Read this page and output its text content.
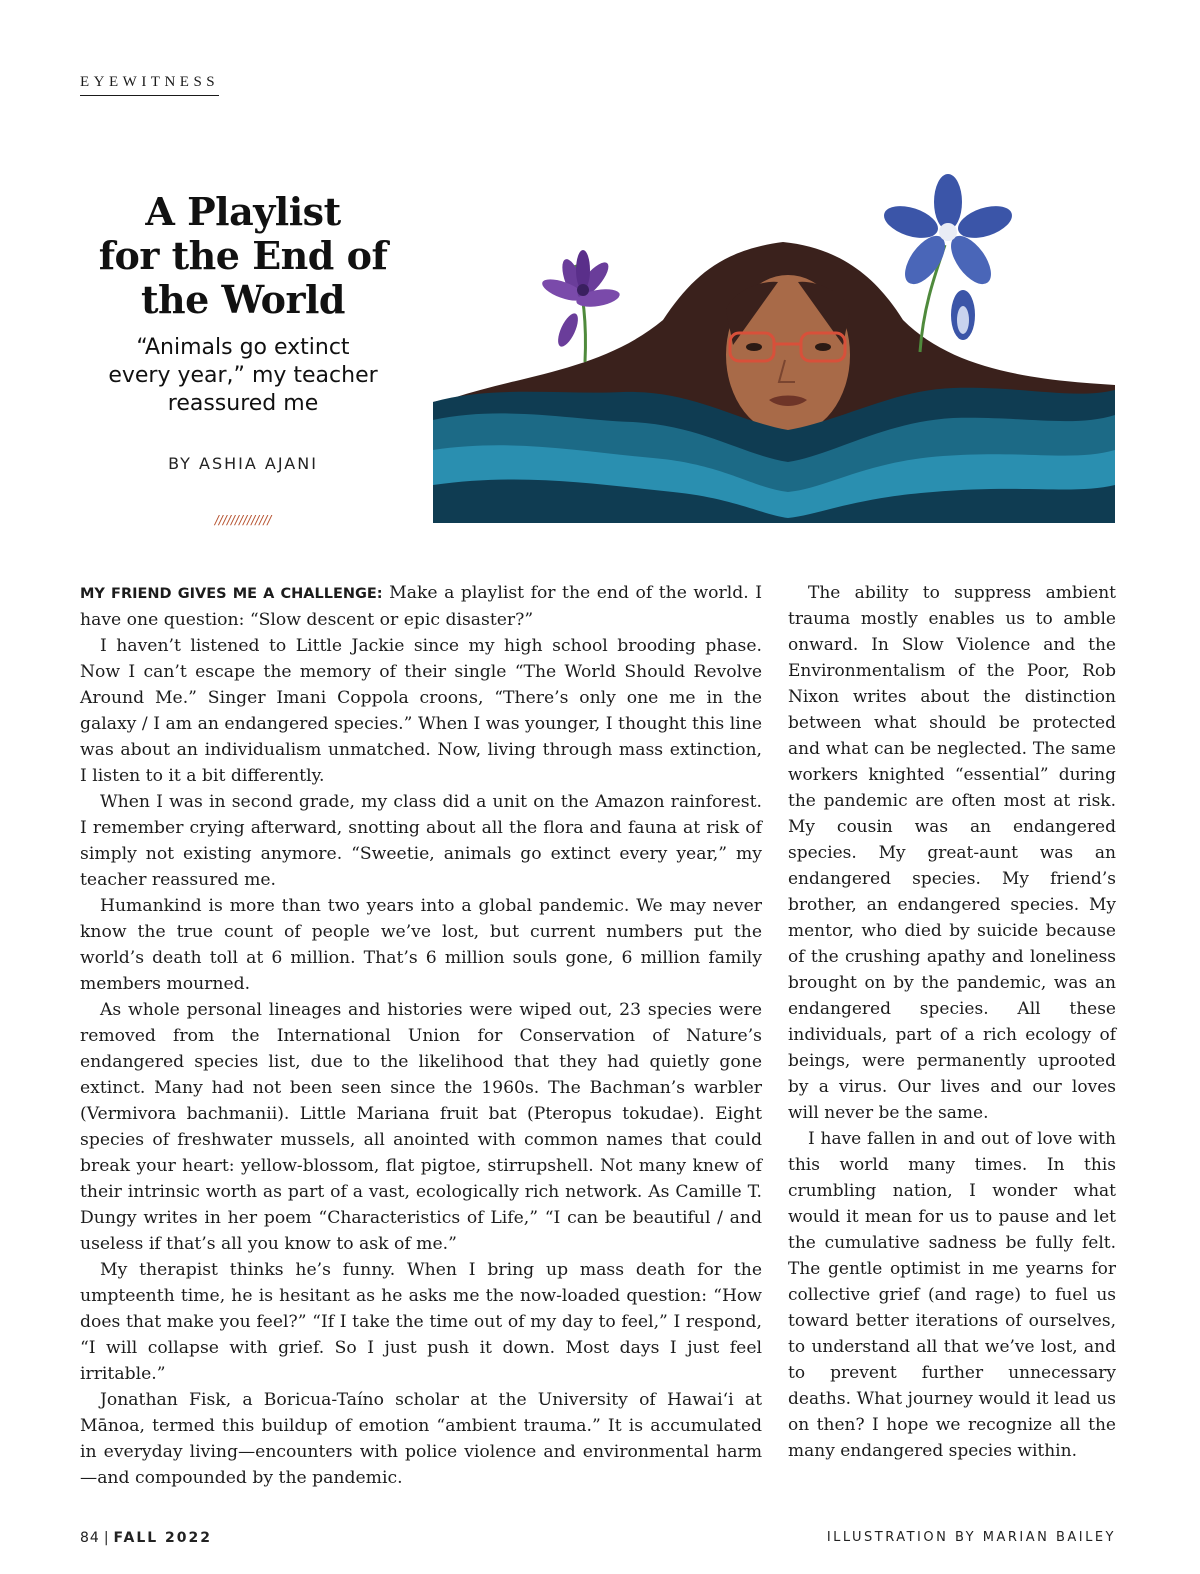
EYEWITNESS
A Playlist
for the End of
the World

“Animals go extinct
every year,” my teacher
reassured me

BY ASHIA AJANI
//////////////

MY FRIEND GIVES ME A CHALLENGE: Make a playlist for the end of the world. I have one question: “Slow descent or epic disaster?”

I haven’t listened to Little Jackie since my high school brooding phase. Now I can’t escape the memory of their single “The World Should Revolve Around Me.” Singer Imani Coppola croons, “There’s only one me in the galaxy / I am an endangered species.” When I was younger, I thought this line was about an individualism unmatched. Now, living through mass extinction, I listen to it a bit differently.

When I was in second grade, my class did a unit on the Amazon rainforest. I remember crying afterward, snotting about all the flora and fauna at risk of simply not existing anymore. “Sweetie, animals go extinct every year,” my teacher reassured me.

Humankind is more than two years into a global pandemic. We may never know the true count of people we’ve lost, but current numbers put the world’s death toll at 6 million. That’s 6 million souls gone, 6 million family members mourned.

As whole personal lineages and histories were wiped out, 23 species were removed from the International Union for Conservation of Nature’s endangered species list, due to the likelihood that they had quietly gone extinct. Many had not been seen since the 1960s. The Bachman’s warbler (Vermivora bachmanii). Little Mariana fruit bat (Pteropus tokudae). Eight species of freshwater mussels, all anointed with common names that could break your heart: yellow-blossom, flat pigtoe, stirrupshell. Not many knew of their intrinsic worth as part of a vast, ecologically rich network. As Camille T. Dungy writes in her poem “Characteristics of Life,” “I can be beautiful / and useless if that’s all you know to ask of me.”

My therapist thinks he’s funny. When I bring up mass death for the umpteenth time, he is hesitant as he asks me the now-loaded question: “How does that make you feel?” “If I take the time out of my day to feel,” I respond, “I will collapse with grief. So I just push it down. Most days I just feel irritable.”

Jonathan Fisk, a Boricua-Taíno scholar at the University of Hawai‘i at Mānoa, termed this buildup of emotion “ambient trauma.” It is accumulated in everyday living—encounters with police violence and environmental harm—and compounded by the pandemic.

The ability to suppress ambient trauma mostly enables us to amble onward. In Slow Violence and the Environmentalism of the Poor, Rob Nixon writes about the distinction between what should be protected and what can be neglected. The same workers knighted “essential” during the pandemic are often most at risk. My cousin was an endangered species. My great-aunt was an endangered species. My friend’s brother, an endangered species. My mentor, who died by suicide because of the crushing apathy and loneliness brought on by the pandemic, was an endangered species. All these individuals, part of a rich ecology of beings, were permanently uprooted by a virus. Our lives and our loves will never be the same.

I have fallen in and out of love with this world many times. In this crumbling nation, I wonder what would it mean for us to pause and let the cumulative sadness be fully felt. The gentle optimist in me yearns for collective grief (and rage) to fuel us toward better iterations of ourselves, to understand all that we’ve lost, and to prevent further unnecessary deaths. What journey would it lead us on then? I hope we recognize all the many endangered species within.

84 | FALL 2022	ILLUSTRATION BY MARIAN BAILEY
